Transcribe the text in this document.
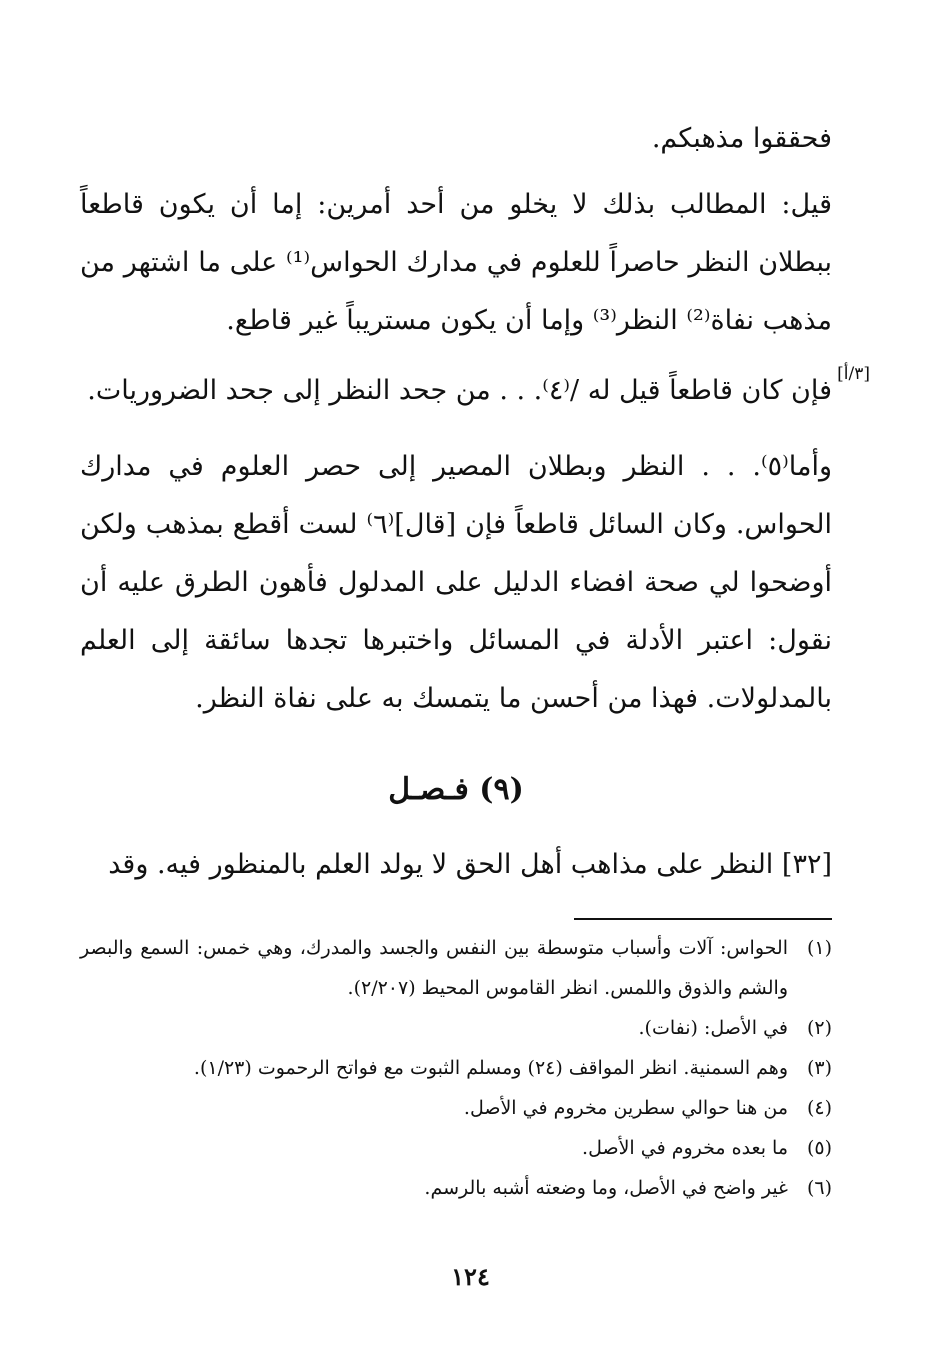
فحققوا مذهبكم.

قيل: المطالب بذلك لا يخلو من أحد أمرين: إما أن يكون قاطعاً ببطلان النظر حاصراً للعلوم في مدارك الحواس⁽¹⁾ على ما اشتهر من مذهب نفاة⁽²⁾ النظر⁽³⁾ وإما أن يكون مستريباً غير قاطع.

[٣/أ]

فإن كان قاطعاً قيل له /⁽٤⁾. . . من جحد النظر إلى جحد الضروريات.

وأما⁽٥⁾. . . النظر وبطلان المصير إلى حصر العلوم في مدارك الحواس. وكان السائل قاطعاً فإن [قال]⁽٦⁾ لست أقطع بمذهب ولكن أوضحوا لي صحة افضاء الدليل على المدلول فأهون الطرق عليه أن نقول: اعتبر الأدلة في المسائل واختبرها تجدها سائقة إلى العلم بالمدلولات. فهذا من أحسن ما يتمسك به على نفاة النظر.

(٩) فـصـل

[٣٢] النظر على مذاهب أهل الحق لا يولد العلم بالمنظور فيه. وقد

(١)
الحواس: آلات وأسباب متوسطة بين النفس والجسد والمدرك، وهي خمس: السمع والبصر والشم والذوق واللمس. انظر القاموس المحيط (٢/٢٠٧).
(٢)
في الأصل: (نفات).
(٣)
وهم السمنية. انظر المواقف (٢٤) ومسلم الثبوت مع فواتح الرحموت (١/٢٣).
(٤)
من هنا حوالي سطرين مخروم في الأصل.
(٥)
ما بعده مخروم في الأصل.
(٦)
غير واضح في الأصل، وما وضعته أشبه بالرسم.
١٢٤
